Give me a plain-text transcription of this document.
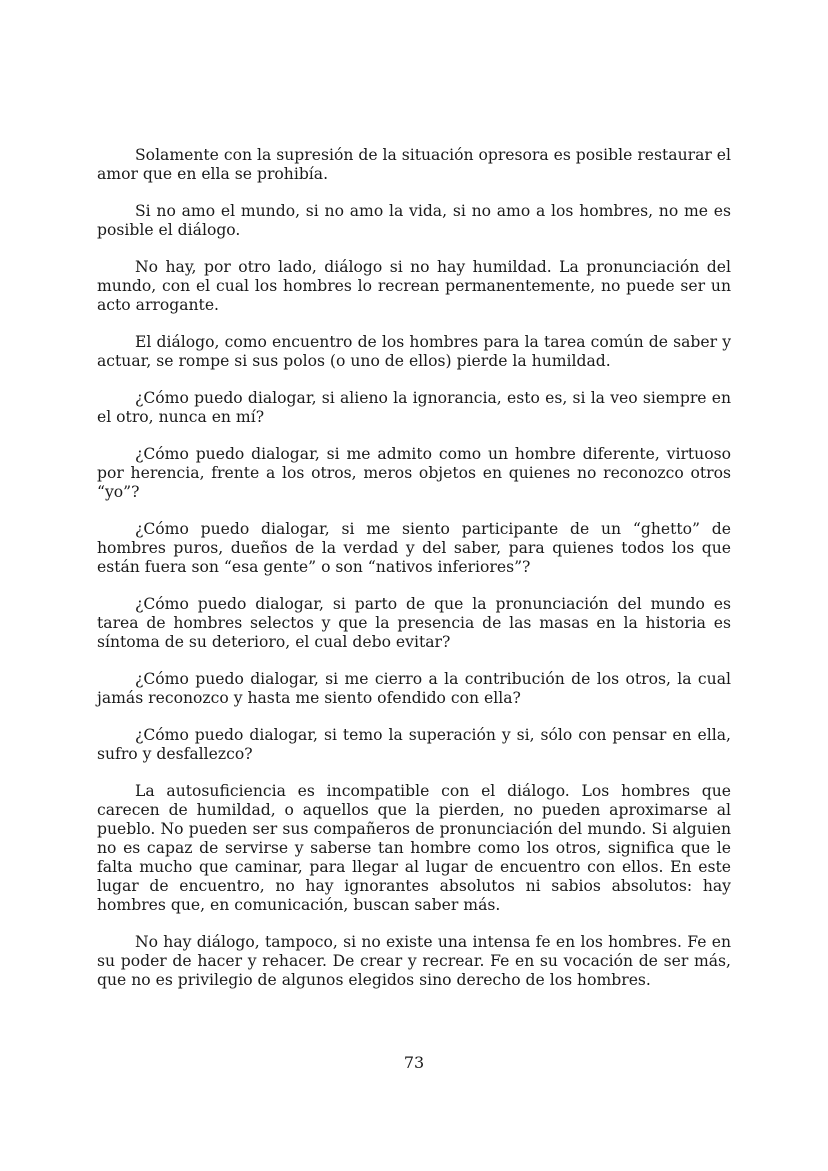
Solamente con la supresión de la situación opresora es posible restaurar el amor que en ella se prohibía.

Si no amo el mundo, si no amo la vida, si no amo a los hombres, no me es posible el diálogo.

No hay, por otro lado, diálogo si no hay humildad. La pronunciación del mundo, con el cual los hombres lo recrean permanentemente, no puede ser un acto arrogante.

El diálogo, como encuentro de los hombres para la tarea común de saber y actuar, se rompe si sus polos (o uno de ellos) pierde la humildad.

¿Cómo puedo dialogar, si alieno la ignorancia, esto es, si la veo siempre en el otro, nunca en mí?

¿Cómo puedo dialogar, si me admito como un hombre diferente, virtuoso por herencia, frente a los otros, meros objetos en quienes no reconozco otros “yo”?

¿Cómo puedo dialogar, si me siento participante de un “ghetto” de hombres puros, dueños de la verdad y del saber, para quienes todos los que están fuera son “esa gente” o son “nativos inferiores”?

¿Cómo puedo dialogar, si parto de que la pronunciación del mundo es tarea de hombres selectos y que la presencia de las masas en la historia es síntoma de su deterioro, el cual debo evitar?

¿Cómo puedo dialogar, si me cierro a la contribución de los otros, la cual jamás reconozco y hasta me siento ofendido con ella?

¿Cómo puedo dialogar, si temo la superación y si, sólo con pensar en ella, sufro y desfallezco?

La autosuficiencia es incompatible con el diálogo. Los hombres que carecen de humildad, o aquellos que la pierden, no pueden aproximarse al pueblo. No pueden ser sus compañeros de pronunciación del mundo. Si alguien no es capaz de servirse y saberse tan hombre como los otros, significa que le falta mucho que caminar, para llegar al lugar de encuentro con ellos. En este lugar de encuentro, no hay ignorantes absolutos ni sabios absolutos: hay hombres que, en comunicación, buscan saber más.

No hay diálogo, tampoco, si no existe una intensa fe en los hombres. Fe en su poder de hacer y rehacer. De crear y recrear. Fe en su vocación de ser más, que no es privilegio de algunos elegidos sino derecho de los hombres.

73
